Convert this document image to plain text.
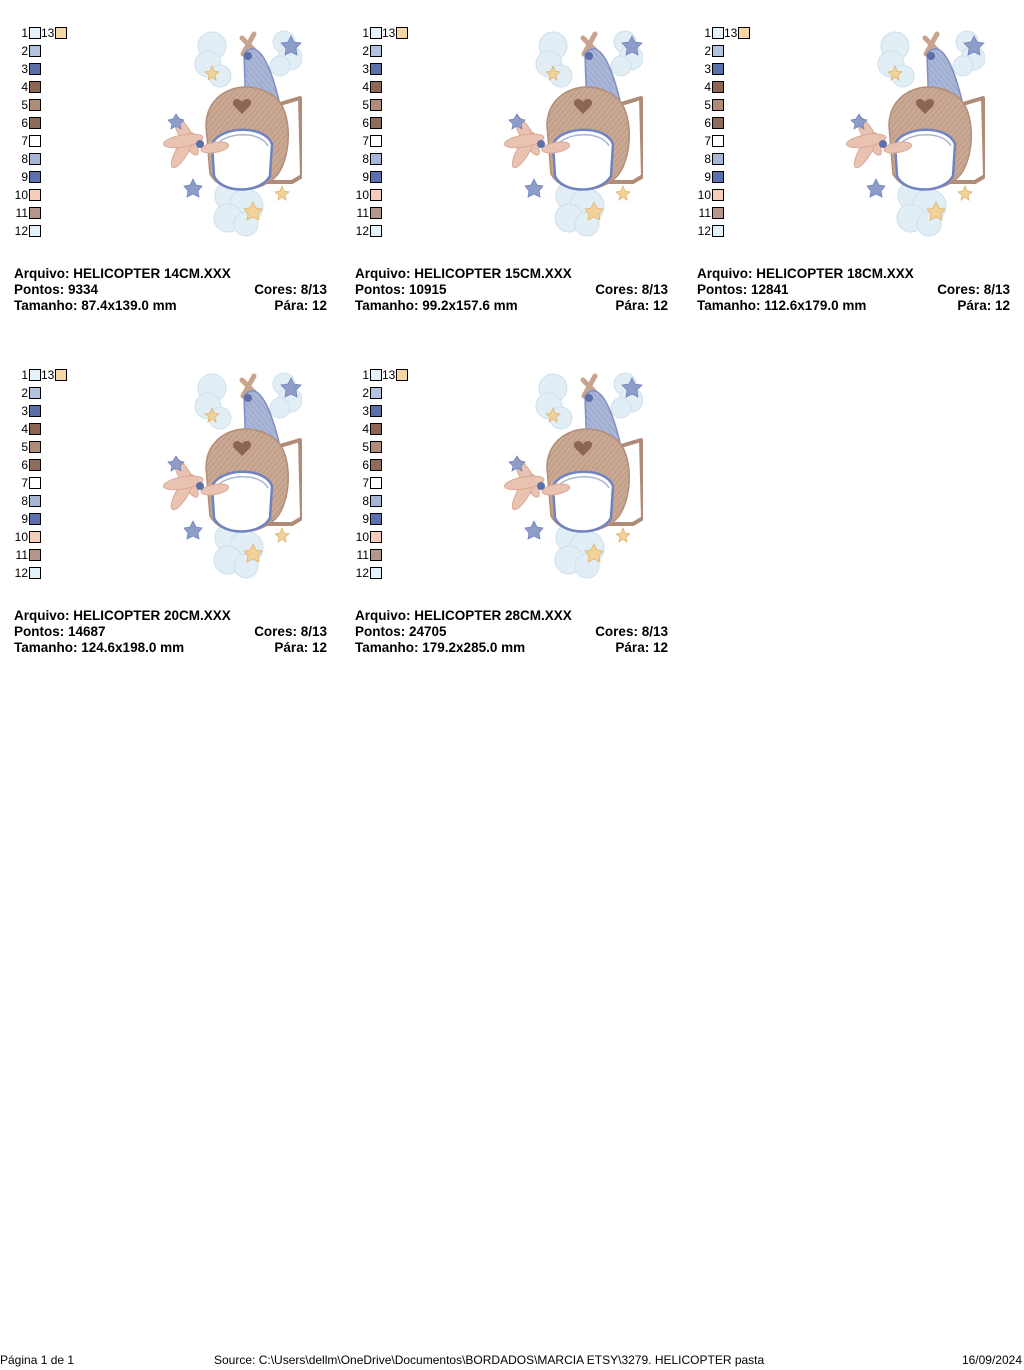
1
2
3
4
5
6
7
8
9
10
11
12
13
Arquivo: HELICOPTER 14CM.XXX
Pontos: 9334	Cores: 8/13
Tamanho: 87.4x139.0 mm	Pára: 12
1
2
3
4
5
6
7
8
9
10
11
12
13
Arquivo: HELICOPTER 15CM.XXX
Pontos: 10915	Cores: 8/13
Tamanho: 99.2x157.6 mm	Pára: 12
1
2
3
4
5
6
7
8
9
10
11
12
13
Arquivo: HELICOPTER 18CM.XXX
Pontos: 12841	Cores: 8/13
Tamanho: 112.6x179.0 mm	Pára: 12
1
2
3
4
5
6
7
8
9
10
11
12
13
Arquivo: HELICOPTER 20CM.XXX
Pontos: 14687	Cores: 8/13
Tamanho: 124.6x198.0 mm	Pára: 12
1
2
3
4
5
6
7
8
9
10
11
12
13
Arquivo: HELICOPTER 28CM.XXX
Pontos: 24705	Cores: 8/13
Tamanho: 179.2x285.0 mm	Pára: 12
Página 1 de 1	Source: C:\Users\dellm\OneDrive\Documentos\BORDADOS\MARCIA ETSY\3279. HELICOPTER pasta	16/09/2024
